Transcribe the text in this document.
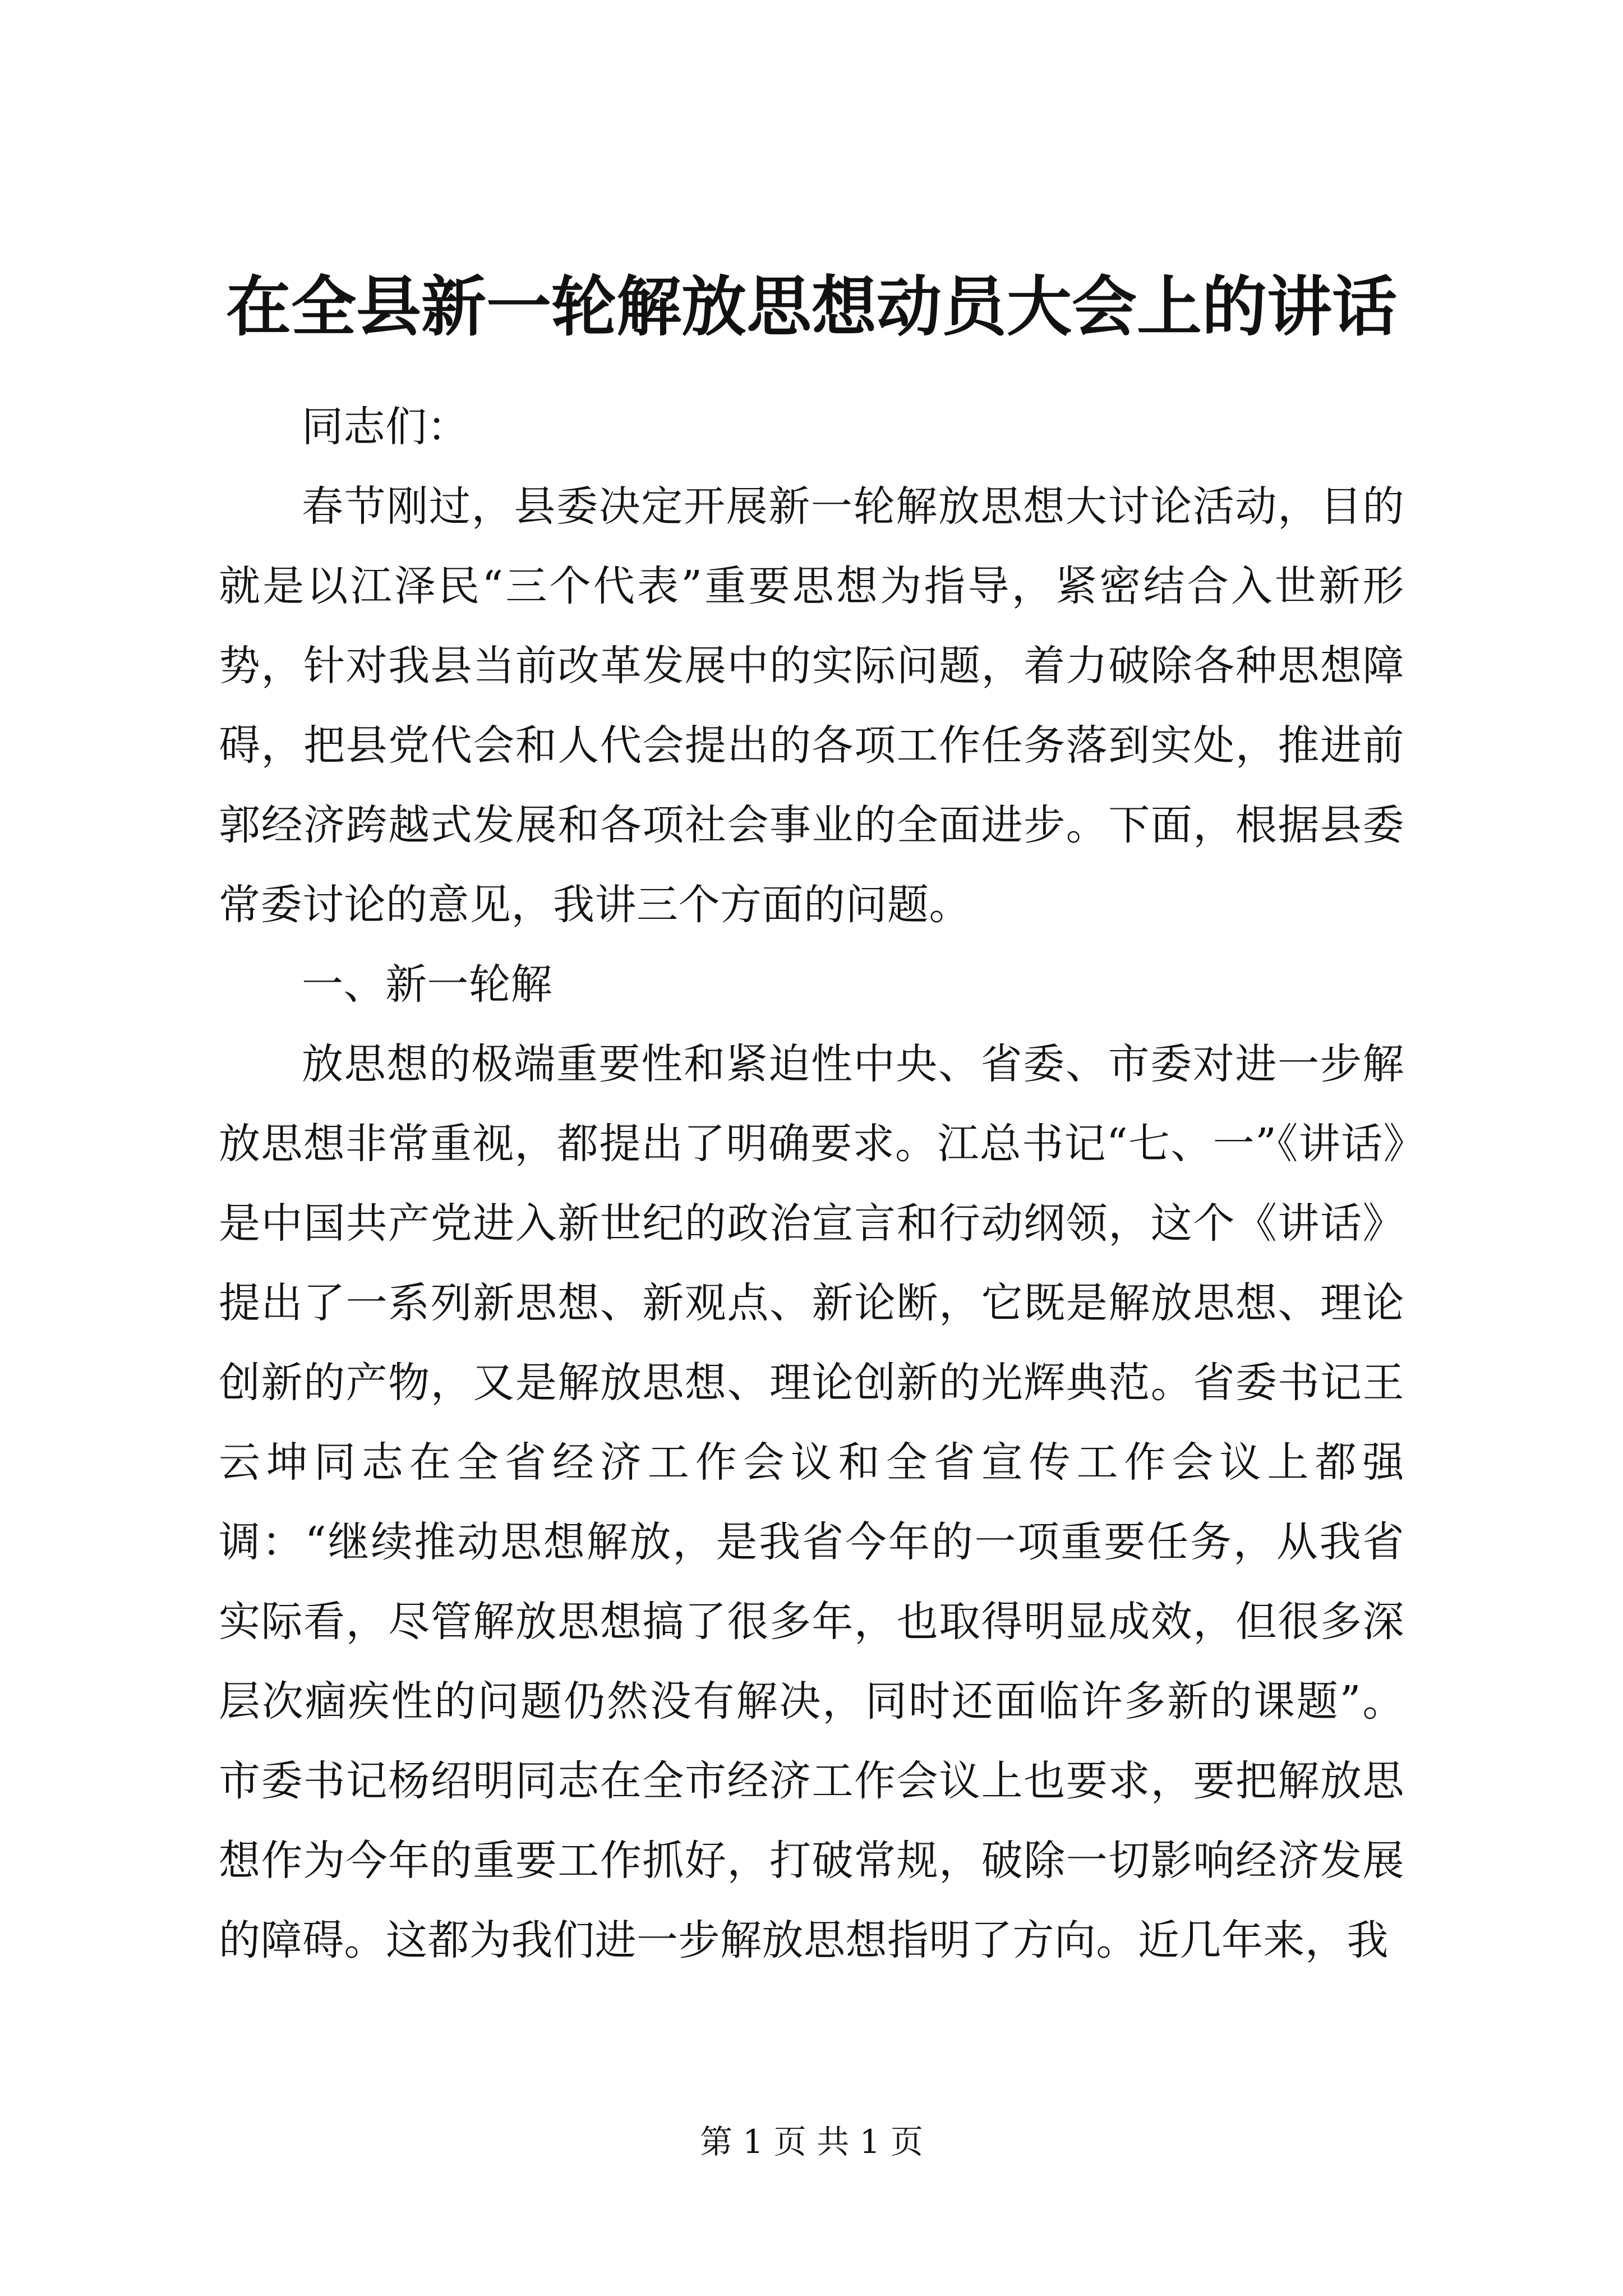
在全县新一轮解放思想动员大会上的讲话

同志们：

春节刚过，县委决定开展新一轮解放思想大讨论活动，目的就是以江泽民“三个代表”重要思想为指导，紧密结合入世新形势，针对我县当前改革发展中的实际问题，着力破除各种思想障碍，把县党代会和人代会提出的各项工作任务落到实处，推进前郭经济跨越式发展和各项社会事业的全面进步。下面，根据县委常委讨论的意见，我讲三个方面的问题。

一、新一轮解

放思想的极端重要性和紧迫性中央、省委、市委对进一步解放思想非常重视，都提出了明确要求。江总书记“七、一”《讲话》是中国共产党进入新世纪的政治宣言和行动纲领，这个《讲话》提出了一系列新思想、新观点、新论断，它既是解放思想、理论创新的产物，又是解放思想、理论创新的光辉典范。省委书记王云坤同志在全省经济工作会议和全省宣传工作会议上都强调：“继续推动思想解放，是我省今年的一项重要任务，从我省实际看，尽管解放思想搞了很多年，也取得明显成效，但很多深层次痼疾性的问题仍然没有解决，同时还面临许多新的课题”。市委书记杨绍明同志在全市经济工作会议上也要求，要把解放思想作为今年的重要工作抓好，打破常规，破除一切影响经济发展的障碍。这都为我们进一步解放思想指明了方向。近几年来，我

第 1 页 共 1 页
